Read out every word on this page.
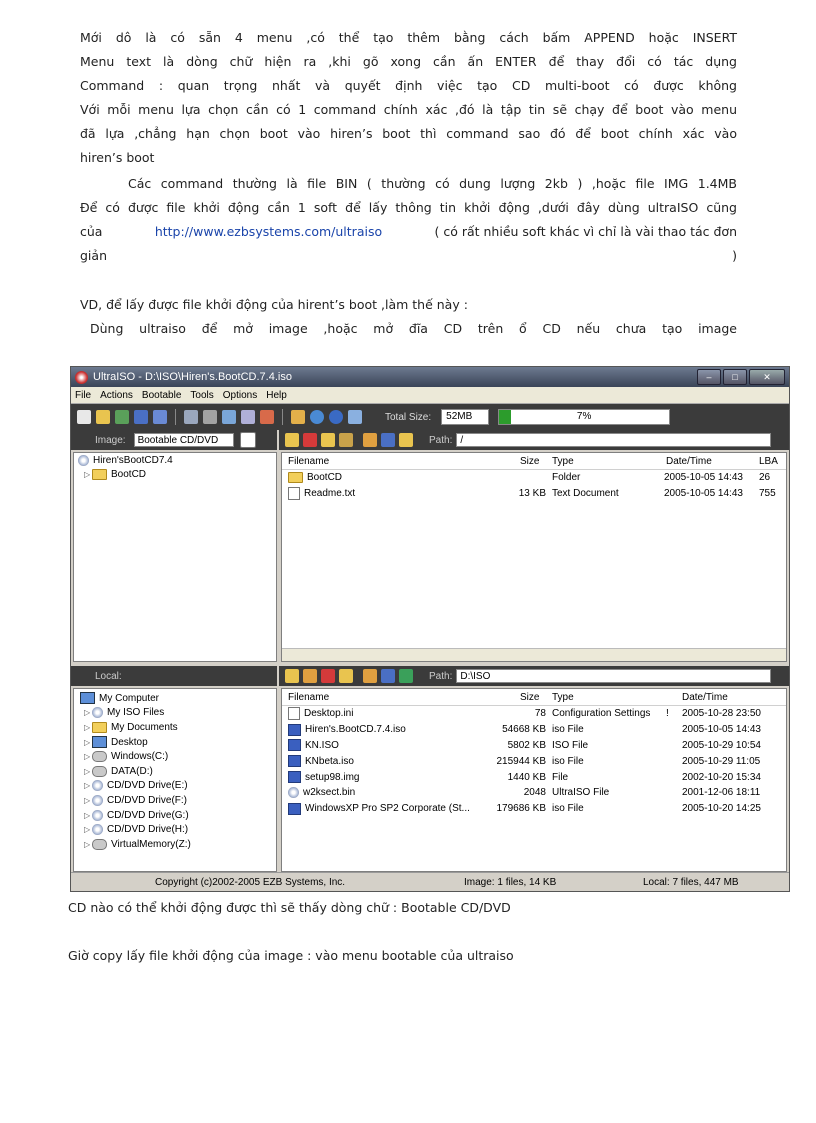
Mới dô là có sẵn 4 menu ,có thể tạo thêm bằng cách bấm APPEND hoặc INSERT
Menu text là dòng chữ hiện ra ,khi gõ xong cần ấn ENTER để thay đổi có tác dụng
Command : quan trọng nhất và quyết định việc tạo CD multi-boot có được không
Với mỗi menu lựa chọn cần có 1 command chính xác ,đó là tập tin sẽ chạy để boot vào menu
đã lựa ,chẳng hạn chọn boot vào hiren’s boot thì command sao đó để boot chính xác vào
hiren’s boot
Các command thường là file BIN ( thường có dung lượng 2kb ) ,hoặc file IMG 1.4MB
Để có được file khởi động cần 1 soft để lấy thông tin khởi động ,dưới đây dùng ultraISO cũng
của	http://www.ezbsystems.com/ultraiso	( có rất nhiều soft khác vì chỉ là vài thao tác đơn
giản	)
VD, để lấy được file khởi động của hirent’s boot ,làm thế này :
Dùng ultraiso để mở image ,hoặc mở đĩa CD trên ổ CD nếu chưa tạo image
UltraISO - D:\ISO\Hiren's.BootCD.7.4.iso	–	□	✕
File Actions Bootable Tools Options Help
Total Size:	52MB	7%
Image:	Bootable CD/DVD	Path: /
Hiren'sBootCD7.4
▷ BootCD
Filename	Size Type	Date/Time	LBA
BootCD	Folder	2005-10-05 14:43 26
Readme.txt	13 KB Text Document	2005-10-05 14:43 755
Local:	Path: D:\ISO
My Computer
▷ My ISO Files
▷ My Documents
▷ Desktop
▷ Windows(C:)
▷ DATA(D:)
▷ CD/DVD Drive(E:)
▷ CD/DVD Drive(F:)
▷ CD/DVD Drive(G:)
▷ CD/DVD Drive(H:)
▷ VirtualMemory(Z:)
Filename	Size Type	Date/Time
Desktop.ini	78 Configuration Settings ! 2005-10-28 23:50
Hiren's.BootCD.7.4.iso	54668 KB iso File	2005-10-05 14:43
KN.ISO	5802 KB ISO File	2005-10-29 10:54
KNbeta.iso	215944 KB iso File	2005-10-29 11:05
setup98.img	1440 KB File	2002-10-20 15:34
w2ksect.bin	2048 UltraISO File	2001-12-06 18:11
WindowsXP Pro SP2 Corporate (St...	179686 KB iso File	2005-10-20 14:25
Copyright (c)2002-2005 EZB Systems, Inc.	Image: 1 files, 14 KB	Local: 7 files, 447 MB
CD nào có thể khởi động được thì sẽ thấy dòng chữ : Bootable CD/DVD
Giờ copy lấy file khởi động của image : vào menu bootable của ultraiso
